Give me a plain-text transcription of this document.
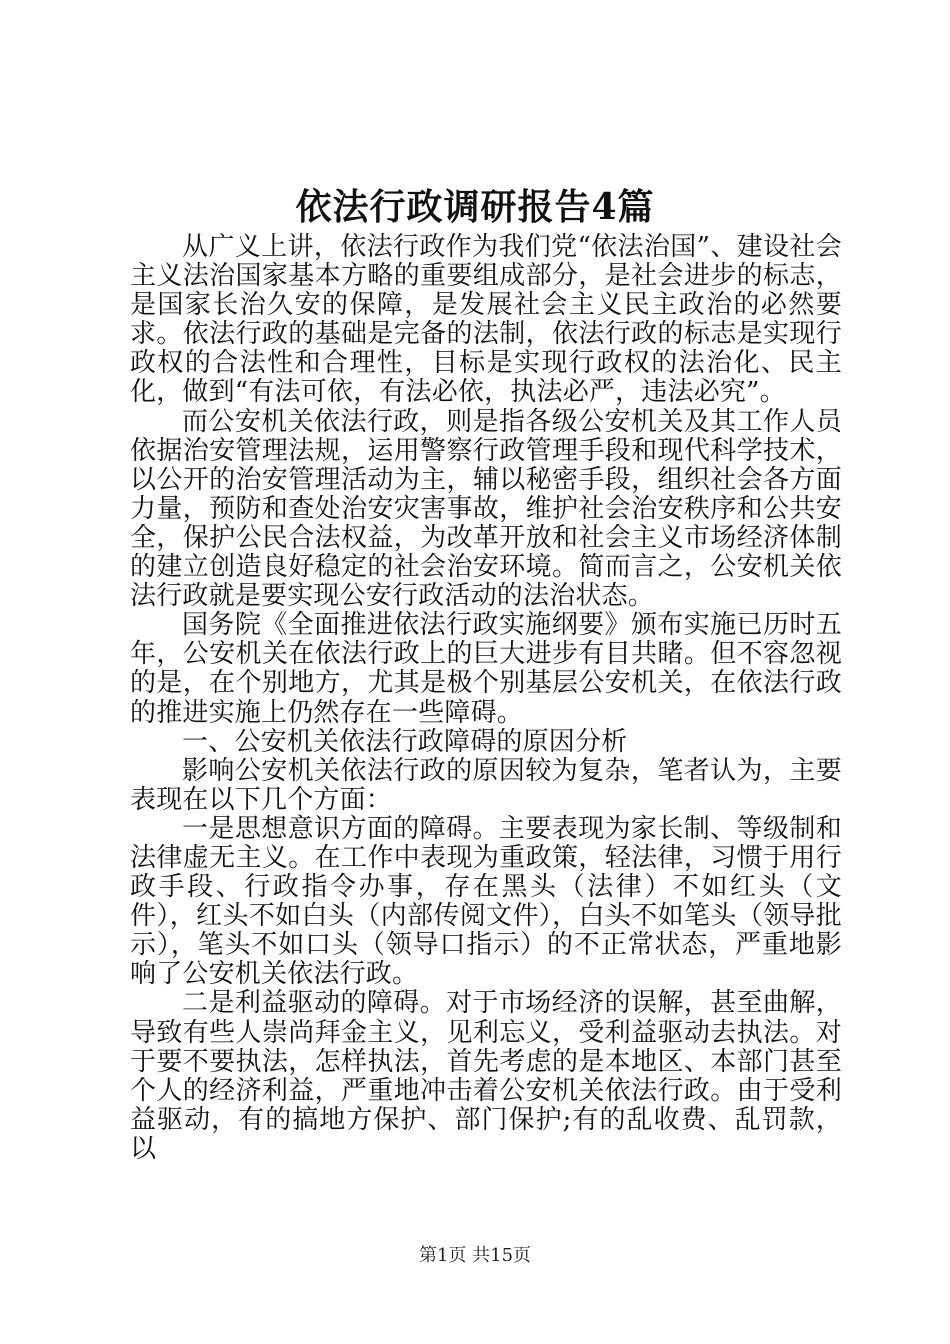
依法行政调研报告4篇

从广义上讲，依法行政作为我们党“依法治国”、建设社会主义法治国家基本方略的重要组成部分，是社会进步的标志，是国家长治久安的保障，是发展社会主义民主政治的必然要求。依法行政的基础是完备的法制，依法行政的标志是实现行政权的合法性和合理性，目标是实现行政权的法治化、民主化，做到“有法可依，有法必依，执法必严，违法必究”。

而公安机关依法行政，则是指各级公安机关及其工作人员依据治安管理法规，运用警察行政管理手段和现代科学技术，以公开的治安管理活动为主，辅以秘密手段，组织社会各方面力量，预防和查处治安灾害事故，维护社会治安秩序和公共安全，保护公民合法权益，为改革开放和社会主义市场经济体制的建立创造良好稳定的社会治安环境。简而言之，公安机关依法行政就是要实现公安行政活动的法治状态。

国务院《全面推进依法行政实施纲要》颁布实施已历时五年，公安机关在依法行政上的巨大进步有目共睹。但不容忽视的是，在个别地方，尤其是极个别基层公安机关，在依法行政的推进实施上仍然存在一些障碍。

一、公安机关依法行政障碍的原因分析

影响公安机关依法行政的原因较为复杂，笔者认为，主要表现在以下几个方面：

一是思想意识方面的障碍。主要表现为家长制、等级制和法律虚无主义。在工作中表现为重政策，轻法律，习惯于用行政手段、行政指令办事，存在黑头（法律）不如红头（文件），红头不如白头（内部传阅文件），白头不如笔头（领导批示），笔头不如口头（领导口指示）的不正常状态，严重地影响了公安机关依法行政。

二是利益驱动的障碍。对于市场经济的误解，甚至曲解，导致有些人崇尚拜金主义，见利忘义，受利益驱动去执法。对于要不要执法，怎样执法，首先考虑的是本地区、本部门甚至个人的经济利益，严重地冲击着公安机关依法行政。由于受利益驱动，有的搞地方保护、部门保护;有的乱收费、乱罚款，以

第1页 共15页
